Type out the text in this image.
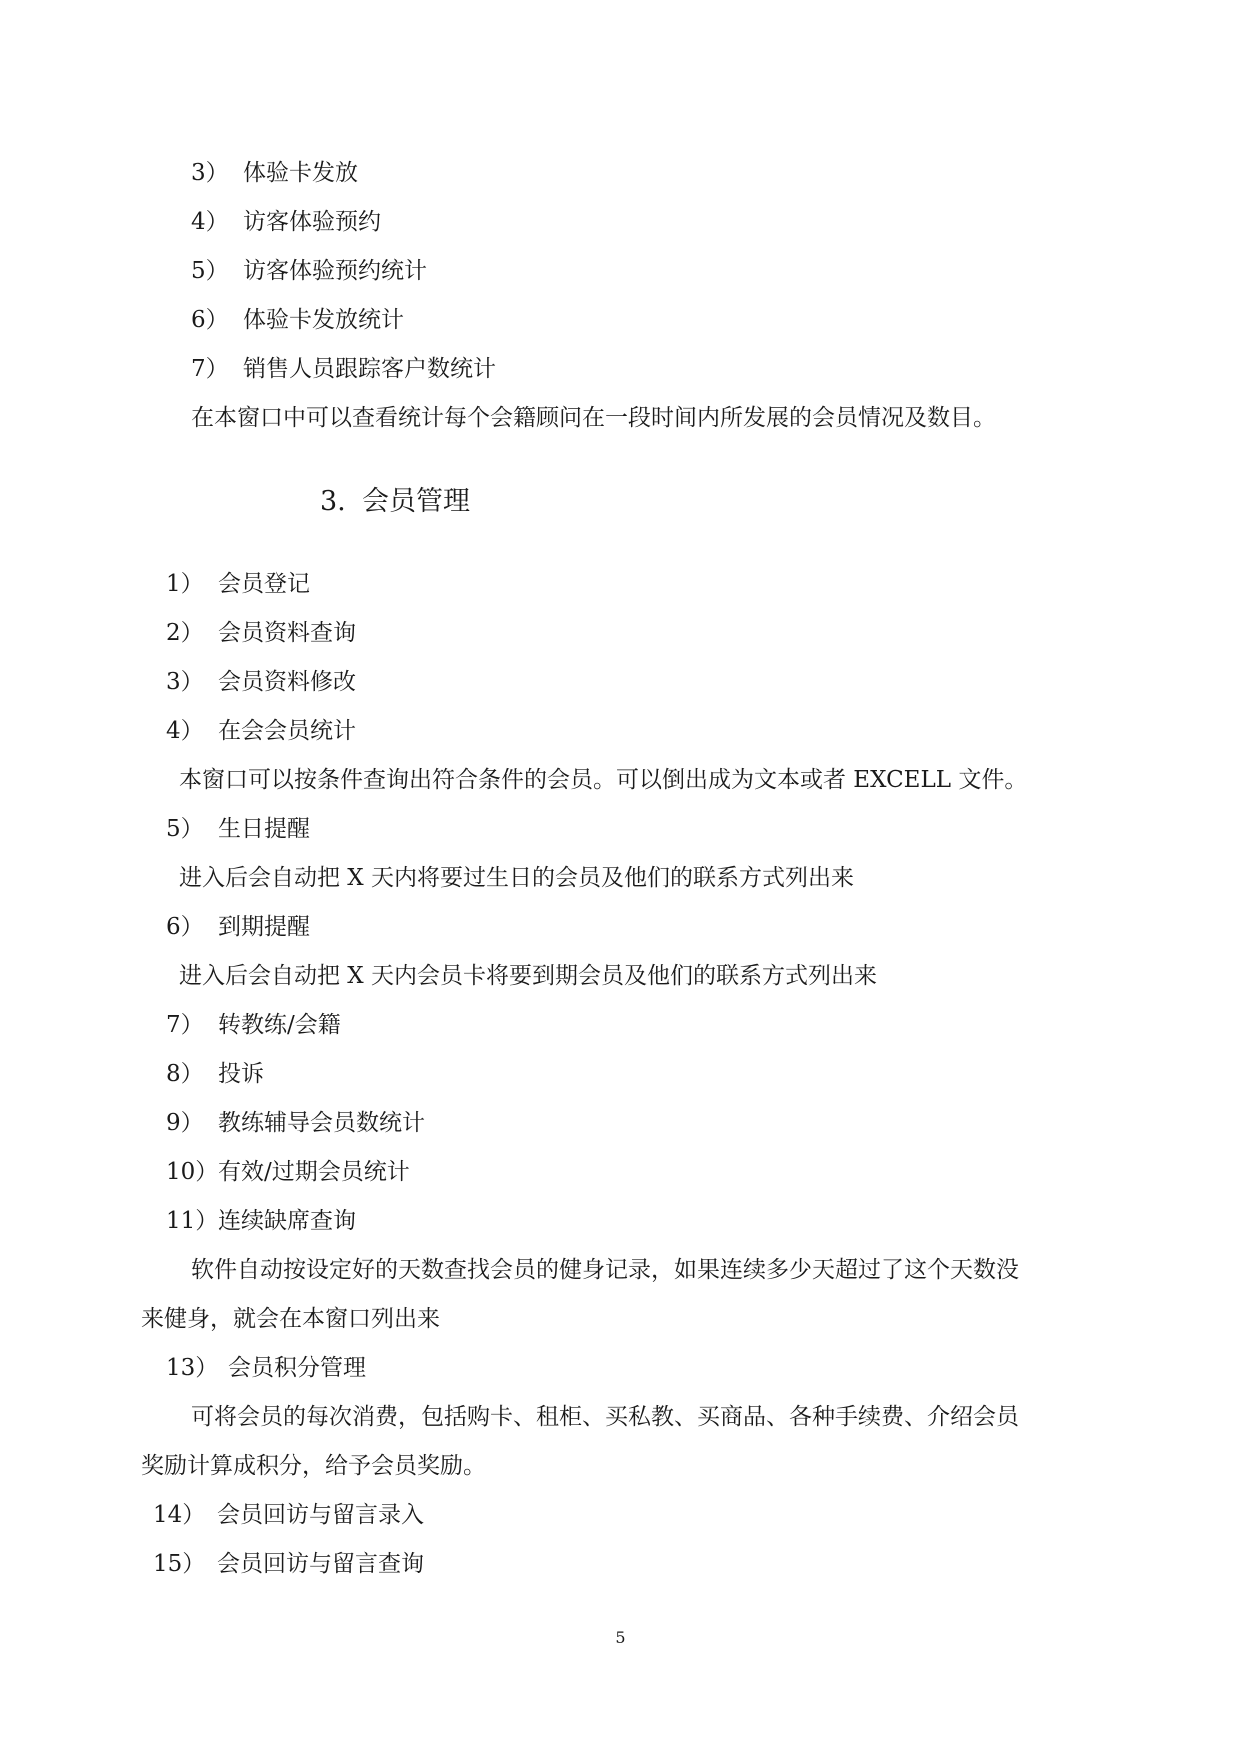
3） 体验卡发放
4） 访客体验预约
5） 访客体验预约统计
6） 体验卡发放统计
7） 销售人员跟踪客户数统计
在本窗口中可以查看统计每个会籍顾问在一段时间内所发展的会员情况及数目。
3. 会员管理
1） 会员登记
2） 会员资料查询
3） 会员资料修改
4） 在会会员统计
本窗口可以按条件查询出符合条件的会员。可以倒出成为文本或者 EXCELL 文件。
5） 生日提醒
进入后会自动把 X 天内将要过生日的会员及他们的联系方式列出来
6） 到期提醒
进入后会自动把 X 天内会员卡将要到期会员及他们的联系方式列出来
7） 转教练/会籍
8） 投诉
9） 教练辅导会员数统计
10）有效/过期会员统计
11）连续缺席查询
软件自动按设定好的天数查找会员的健身记录，如果连续多少天超过了这个天数没
来健身，就会在本窗口列出来
13） 会员积分管理
可将会员的每次消费，包括购卡、租柜、买私教、买商品、各种手续费、介绍会员
奖励计算成积分，给予会员奖励。
14） 会员回访与留言录入
15） 会员回访与留言查询
5
